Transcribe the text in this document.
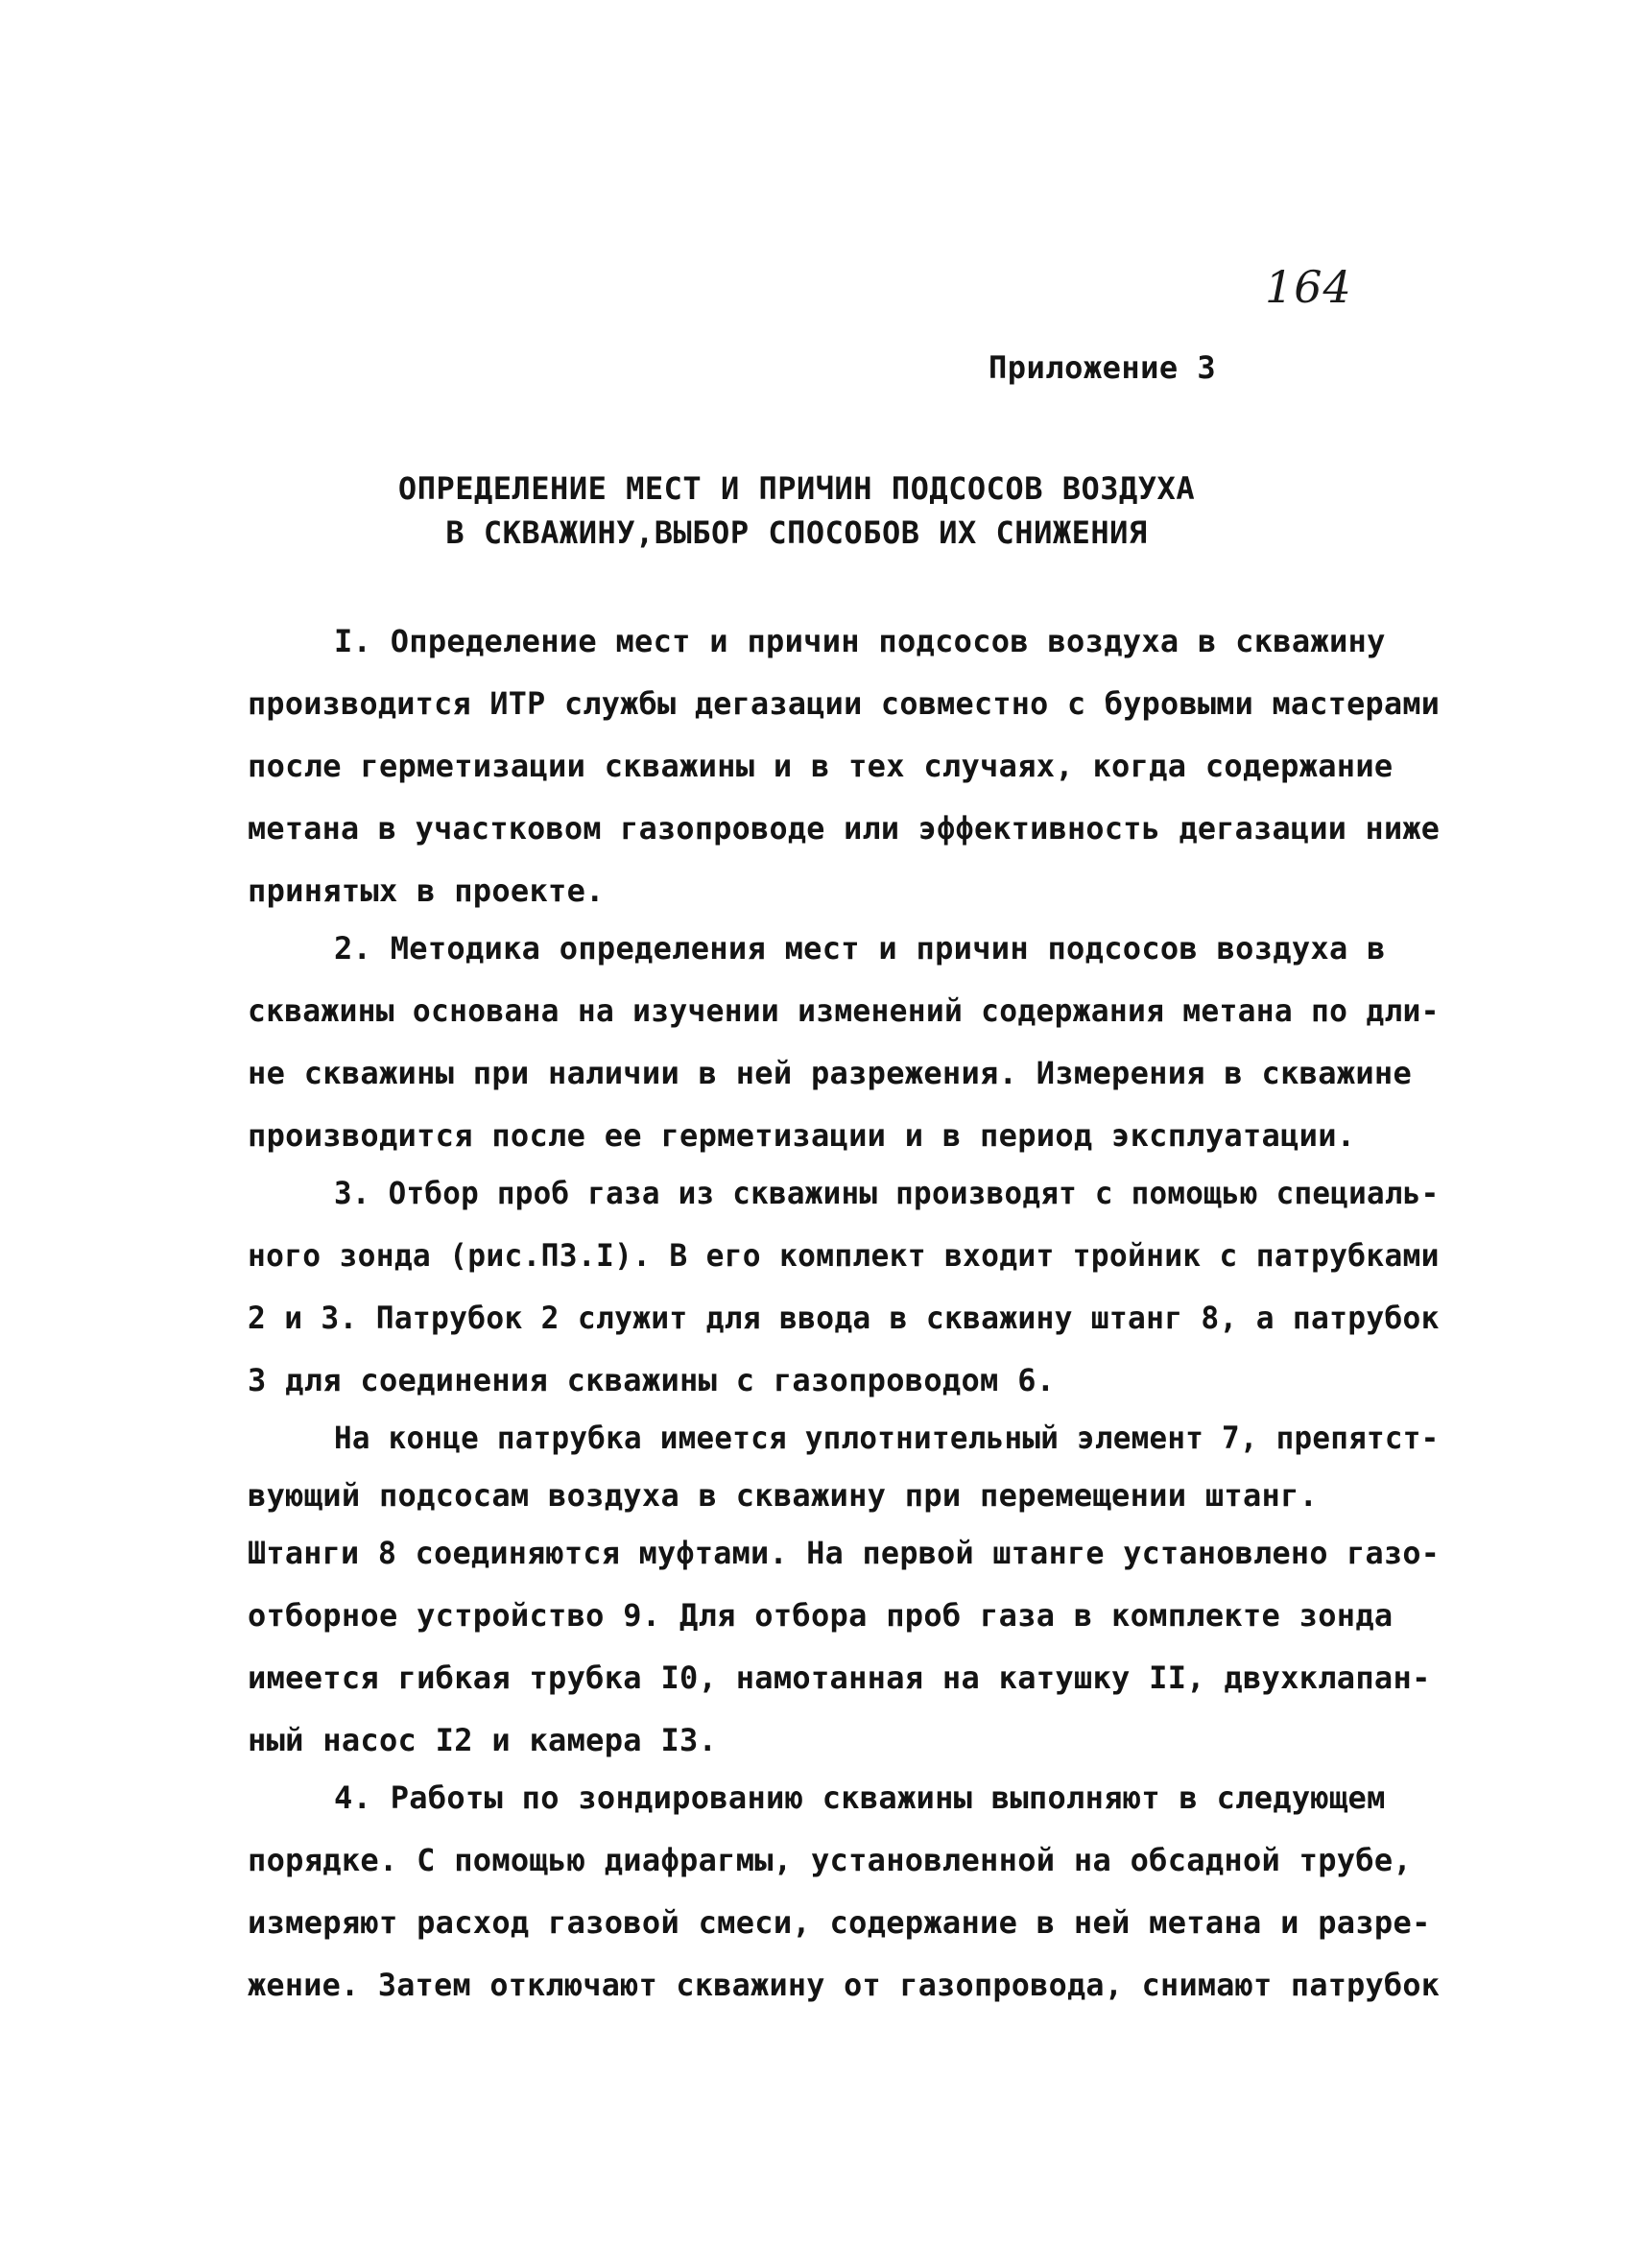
164
Приложение 3
ОПРЕДЕЛЕНИЕ МЕСТ И ПРИЧИН ПОДСОСОВ ВОЗДУХА
В СКВАЖИНУ,ВЫБОР СПОСОБОВ ИХ СНИЖЕНИЯ
I. Определение мест и причин подсосов воздуха в скважину
производится ИТР службы дегазации совместно с буровыми мастерами
после герметизации скважины и в тех случаях, когда содержание
метана в участковом газопроводе или эффективность дегазации ниже
принятых в проекте.
2. Методика определения мест и причин подсосов воздуха в
скважины основана на изучении изменений содержания метана по дли-
не скважины при наличии в ней разрежения. Измерения в скважине
производится после ее герметизации и в период эксплуатации.
3. Отбор проб газа из скважины производят с помощью специаль-
ного зонда (рис.П3.I). В его комплект входит тройник с патрубками
2 и 3. Патрубок 2 служит для ввода в скважину штанг 8, а патрубок
3 для соединения скважины с газопроводом 6.
На конце патрубка имеется уплотнительный элемент 7, препятст-
вующий подсосам воздуха в скважину при перемещении штанг.
Штанги 8 соединяются муфтами. На первой штанге установлено газо-
отборное устройство 9. Для отбора проб газа в комплекте зонда
имеется гибкая трубка I0, намотанная на катушку II, двухклапан-
ный насос I2 и камера I3.
4. Работы по зондированию скважины выполняют в следующем
порядке. С помощью диафрагмы, установленной на обсадной трубе,
измеряют расход газовой смеси, содержание в ней метана и разре-
жение. Затем отключают скважину от газопровода, снимают патрубок
